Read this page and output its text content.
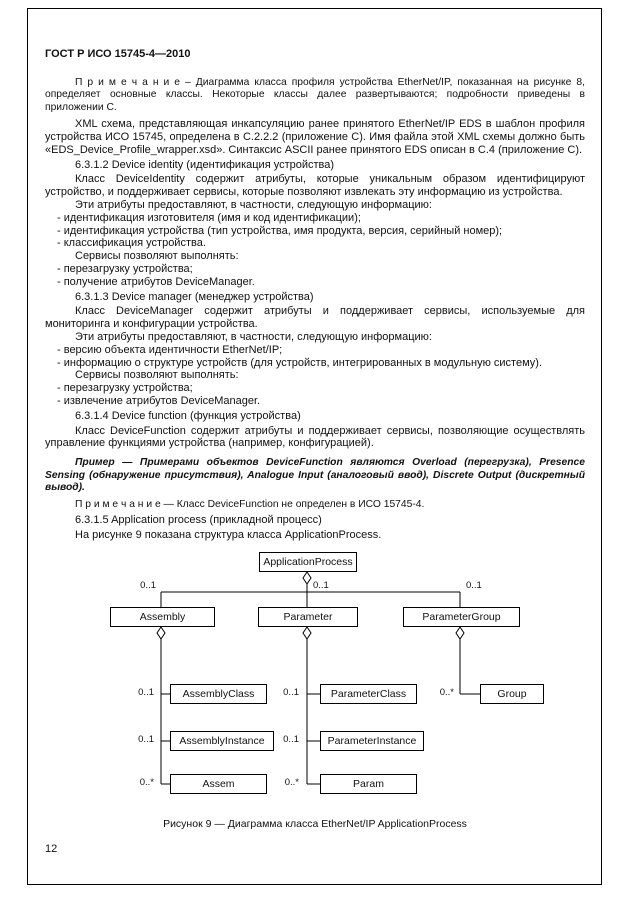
ГОСТ Р ИСО 15745-4—2010

П р и м е ч а н и е – Диаграмма класса профиля устройства EtherNet/IP, показанная на рисунке 8, определяет основные классы. Некоторые классы далее развертываются; подробности приведены в приложении С.

XML схема, представляющая инкапсуляцию ранее принятого EtherNet/IP EDS в шаблон профиля устройства ИСО 15745, определена в С.2.2.2 (приложение С). Имя файла этой XML схемы должно быть «EDS_Device_Profile_wrapper.xsd». Синтаксис ASCII ранее принятого EDS описан в С.4 (приложение С).

6.3.1.2 Device identity (идентификация устройства)

Класс DeviceIdentity содержит атрибуты, которые уникальным образом идентифицируют устройство, и поддерживает сервисы, которые позволяют извлекать эту информацию из устройства.

Эти атрибуты предоставляют, в частности, следующую информацию:

- идентификация изготовителя (имя и код идентификации);

- идентификация устройства (тип устройства, имя продукта, версия, серийный номер);

- классификация устройства.

Сервисы позволяют выполнять:

- перезагрузку устройства;

- получение атрибутов DeviceManager.

6.3.1.3 Device manager (менеджер устройства)

Класс DeviceManager содержит атрибуты и поддерживает сервисы, используемые для мониторинга и конфигурации устройства.

Эти атрибуты предоставляют, в частности, следующую информацию:

- версию объекта идентичности EtherNet/IP;

- информацию о структуре устройств (для устройств, интегрированных в модульную систему).

Сервисы позволяют выполнять:

- перезагрузку устройства;

- извлечение атрибутов DeviceManager.

6.3.1.4 Device function (функция устройства)

Класс DeviceFunction содержит атрибуты и поддерживает сервисы, позволяющие осуществлять управление функциями устройства (например, конфигурацией).

Пример — Примерами объектов DeviceFunction являются Overload (перегрузка), Presence Sensing (обнаружение присутствия), Analogue Input (аналоговый ввод), Discrete Output (дискретный вывод).

П р и м е ч а н и е — Класс DeviceFunction не определен в ИСО 15745-4.

6.3.1.5 Application process (прикладной процесс)

На рисунке 9 показана структура класса ApplicationProcess.

ApplicationProcess
0..1	0..1	0..1
Assembly	Parameter	ParameterGroup
0..1
0..1
0..*
AssemblyClass
AssemblyInstance
Assem
0..1
0..1
0..*
ParameterClass
ParameterInstance
Param
0..*	Group

Рисунок 9 — Диаграмма класса EtherNet/IP ApplicationProcess

12
